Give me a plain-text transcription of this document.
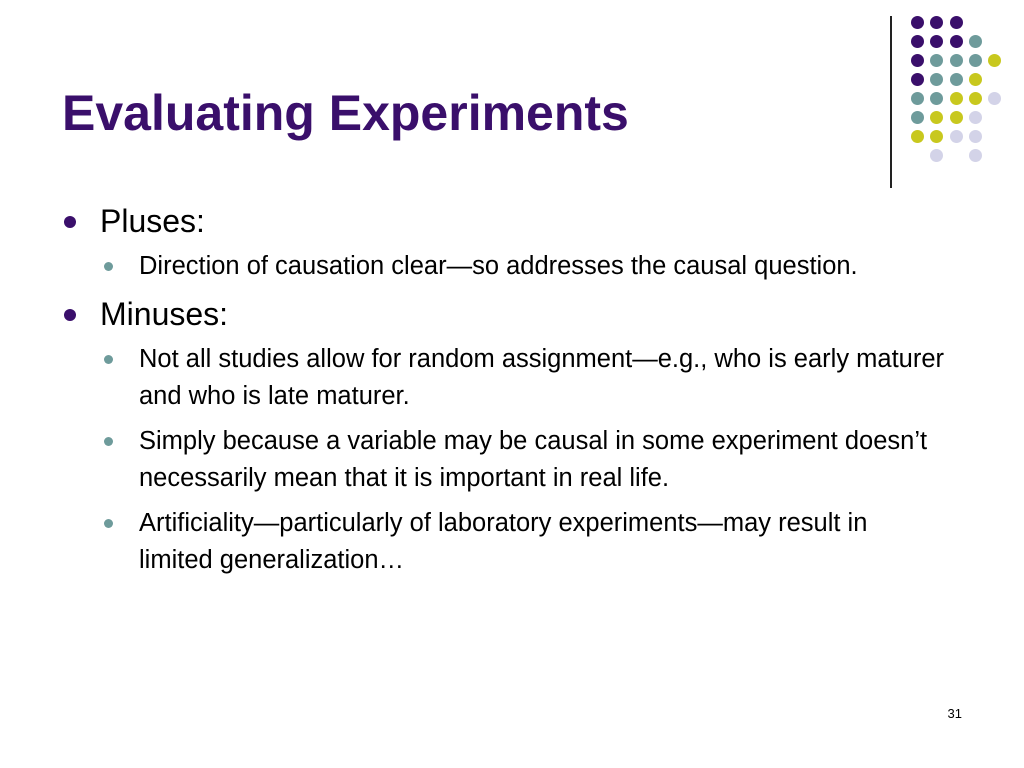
Evaluating Experiments
Pluses:
Direction of causation clear—so addresses the causal question.
Minuses:
Not all studies allow for random assignment—e.g., who is early maturer and who is late maturer.
Simply because a variable may be causal in some experiment doesn’t necessarily mean that it is important in real life.
Artificiality—particularly of laboratory experiments—may result in limited generalization…
31
